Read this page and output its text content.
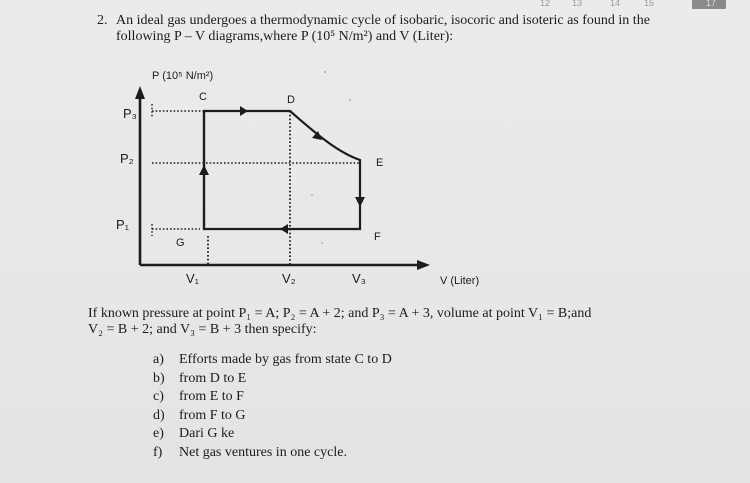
12 13	14	15	17
2. An ideal gas undergoes a thermodynamic cycle of isobaric, isocoric and isoteric as found in the
following P – V diagrams,where P (10⁵ N/m²) and V (Liter):
P (10⁵ N/m²)
V (Liter)
P₃
P₂
P₁
V₁	V₂	V₃
C	D
E
F
G
If known pressure at point P₁ = A; P₂ = A + 2; and P₃ = A + 3, volume at point V₁ = B;and
V₂ = B + 2; and V₃ = B + 3 then specify:
a) Efforts made by gas from state C to D
b) from D to E
c) from E to F
d) from F to G
e) Dari G ke
f) Net gas ventures in one cycle.
